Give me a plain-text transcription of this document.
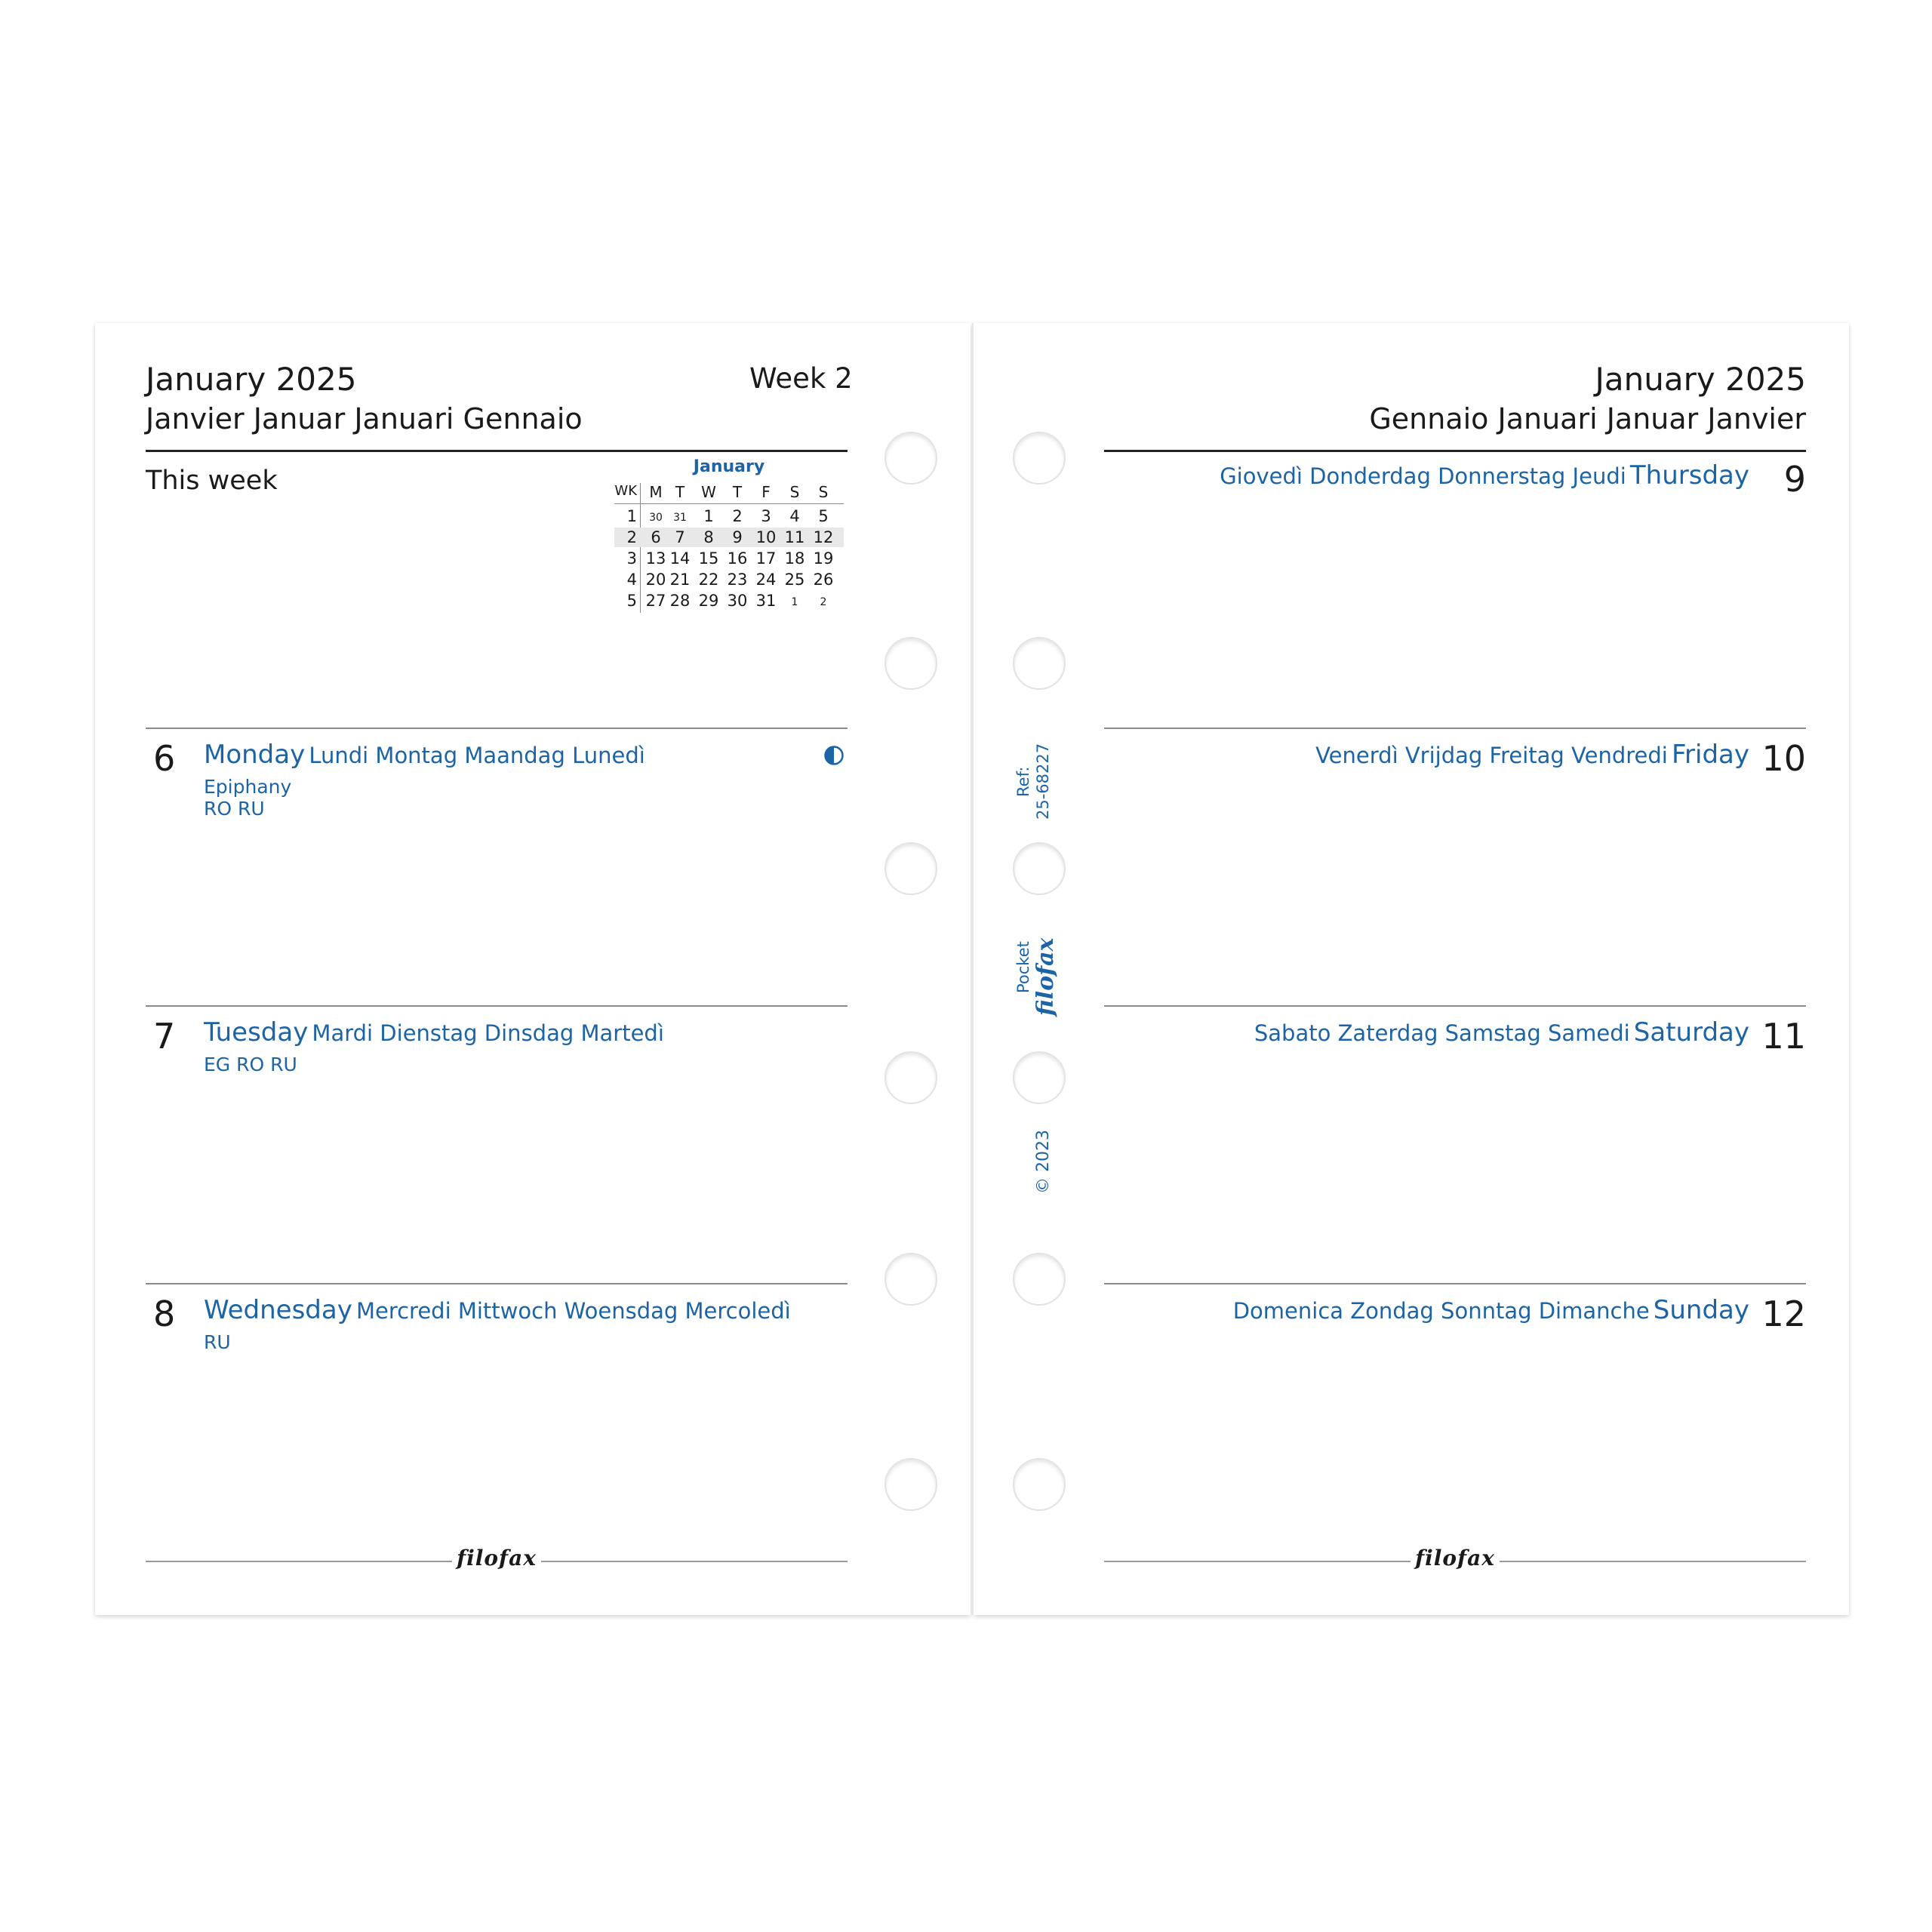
January 2025
Janvier Januar Januari Gennaio
Week 2
This week	January
WK M T	W	T	F	S	S
1	30	31	1	2	3	4	5
2 6 7	8	9 10 11 12
3 13 14 15 16 17 18 19
4 20 21 22 23 24 25 26
5 27 28 29 30 31	1	2
6 Monday Lundi Montag Maandag Lunedì
Epiphany
RO RU
7 Tuesday Mardi Dienstag Dinsdag Martedì
EG RO RU
8 Wednesday Mercredi Mittwoch Woensdag Mercoledì
RU
filofax
January 2025
Gennaio Januari Januar Janvier
Giovedì Donderdag Donnerstag Jeudi Thursday 9
Venerdì Vrijdag Freitag Vendredi Friday 10
Sabato Zaterdag Samstag Samedi Saturday 11
Domenica Zondag Sonntag Dimanche Sunday 12
filofax
Ref: 25-68227
Pocket filofax
© 2023
